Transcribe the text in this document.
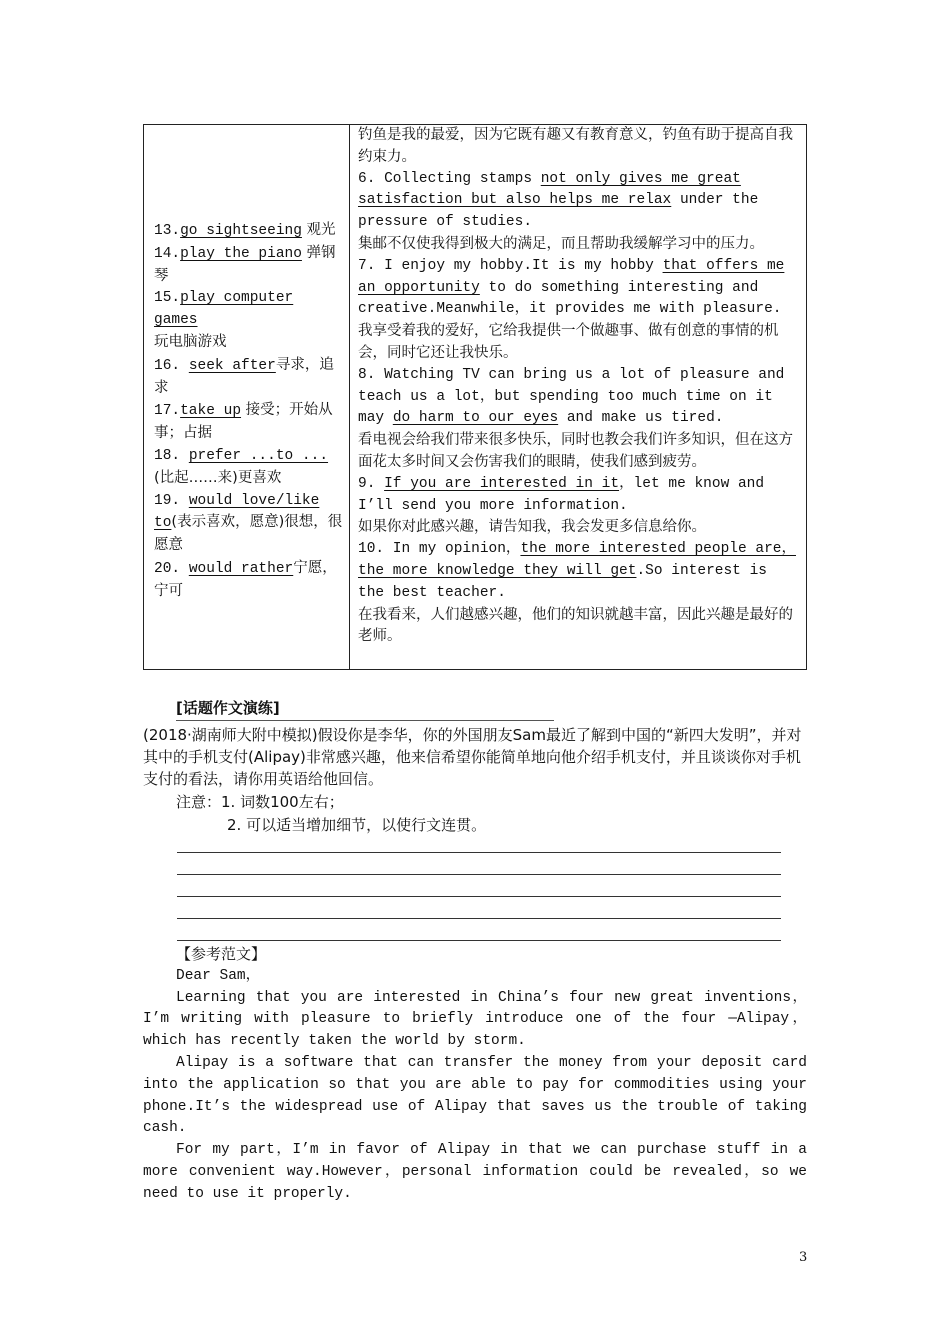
13.go sightseeing 观光
14.play the piano 弹钢琴
15.play computer games
玩电脑游戏
16. seek after寻求，追求
17.take up 接受；开始从事；占据
18. prefer ...to ...
(比起……来)更喜欢
19. would love/like to(表示喜欢，愿意)很想，很愿意
20. would rather宁愿，宁可
钓鱼是我的最爱，因为它既有趣又有教育意义，钓鱼有助于提高自我约束力。
6. Collecting stamps not only gives me great satisfaction but also helps me relax under the pressure of studies.
集邮不仅使我得到极大的满足，而且帮助我缓解学习中的压力。
7. I enjoy my hobby.It is my hobby that offers me an opportunity to do something interesting and creative.Meanwhile，it provides me with pleasure.
我享受着我的爱好，它给我提供一个做趣事、做有创意的事情的机会，同时它还让我快乐。
8. Watching TV can bring us a lot of pleasure and teach us a lot，but spending too much time on it may do harm to our eyes and make us tired.
看电视会给我们带来很多快乐，同时也教会我们许多知识，但在这方面花太多时间又会伤害我们的眼睛，使我们感到疲劳。
9. If you are interested in it，let me know and I’ll send you more information.
如果你对此感兴趣，请告知我，我会发更多信息给你。
10. In my opinion，the more interested people are，the more knowledge they will get.So interest is the best teacher.
在我看来，人们越感兴趣，他们的知识就越丰富，因此兴趣是最好的老师。
[话题作文演练]
(2018·湖南师大附中模拟)假设你是李华，你的外国朋友Sam最近了解到中国的“新四大发明”，并对其中的手机支付(Alipay)非常感兴趣，他来信希望你能简单地向他介绍手机支付，并且谈谈你对手机支付的看法，请你用英语给他回信。
注意：1. 词数100左右；
2. 可以适当增加细节，以使行文连贯。
【参考范文】
Dear Sam，
Learning that you are interested in China’s four new great inventions，I’m writing with pleasure to briefly introduce one of the four —Alipay，which has recently taken the world by storm.
Alipay is a software that can transfer the money from your deposit card into the application so that you are able to pay for commodities using your phone.It’s the widespread use of Alipay that saves us the trouble of taking cash.
For my part，I’m in favor of Alipay in that we can purchase stuff in a more convenient way.However，personal information could be revealed，so we need to use it properly.
3
